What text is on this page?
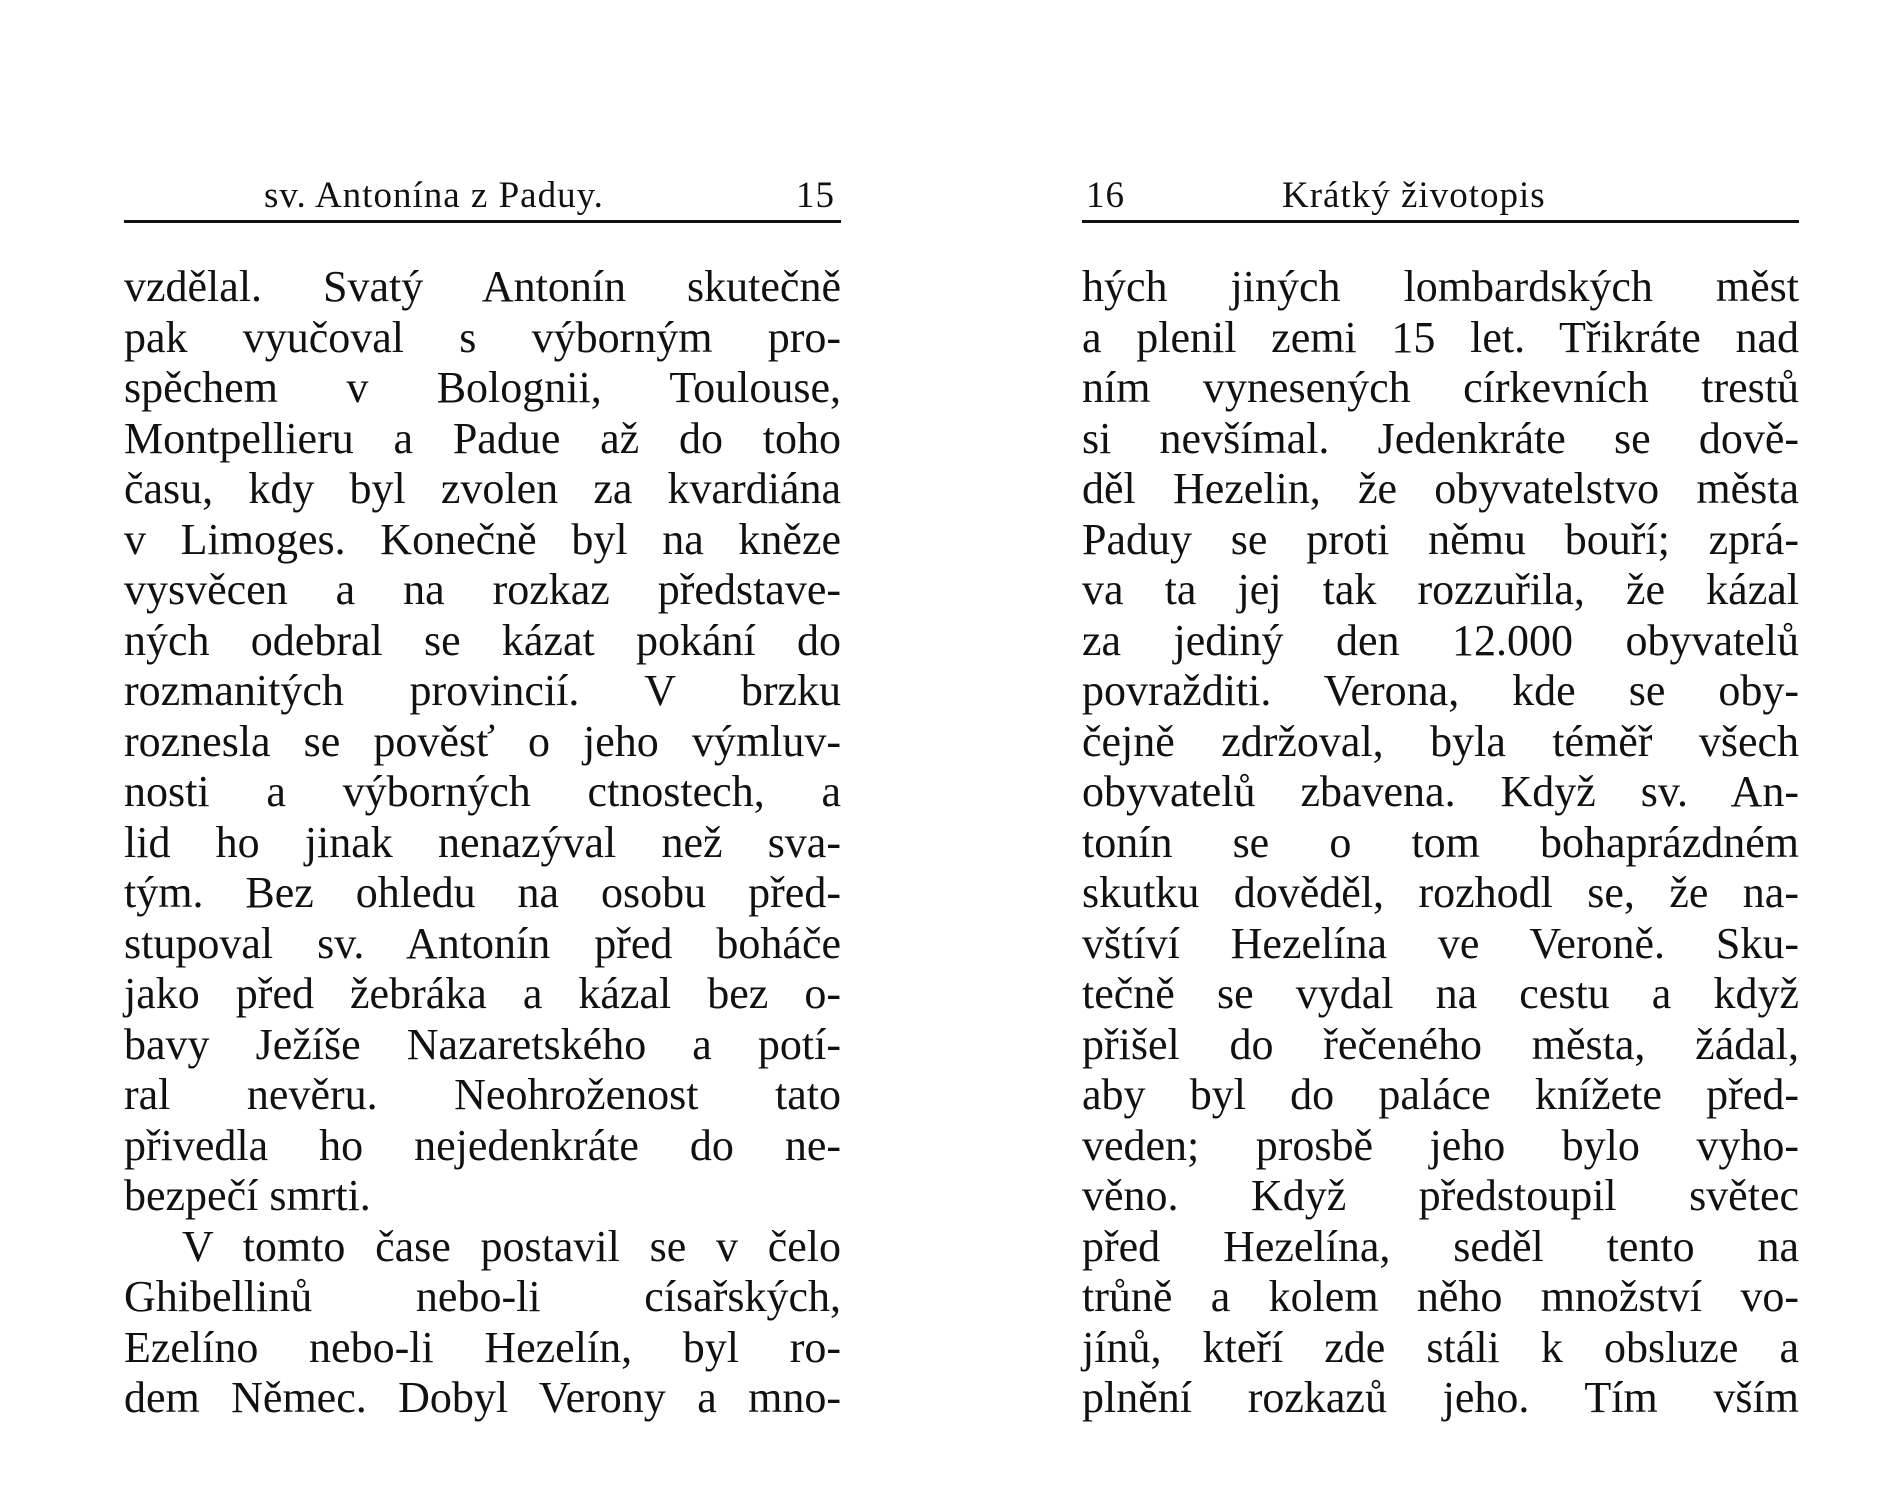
sv. Antonína z Paduy.	15
vzdělal. Svatý Antonín skutečně
pak vyučoval s výborným pro-
spěchem v Bolognii, Toulouse,
Montpellieru a Padue až do toho
času, kdy byl zvolen za kvardiána
v Limoges. Konečně byl na kněze
vysvěcen a na rozkaz představe-
ných odebral se kázat pokání do
rozmanitých provincií. V brzku
roznesla se pověsť o jeho výmluv-
nosti a výborných ctnostech, a
lid ho jinak nenazýval než sva-
tým. Bez ohledu na osobu před-
stupoval sv. Antonín před boháče
jako před žebráka a kázal bez o-
bavy Ježíše Nazaretského a potí-
ral nevěru. Neohroženost tato
přivedla ho nejedenkráte do ne-
bezpečí smrti.
V tomto čase postavil se v čelo
Ghibellinů nebo-li císařských,
Ezelíno nebo-li Hezelín, byl ro-
dem Němec. Dobyl Verony a mno-
16	Krátký životopis
hých jiných lombardských měst
a plenil zemi 15 let. Třikráte nad
ním vynesených církevních trestů
si nevšímal. Jedenkráte se dově-
děl Hezelin, že obyvatelstvo města
Paduy se proti němu bouří; zprá-
va ta jej tak rozzuřila, že kázal
za jediný den 12.000 obyvatelů
povražditi. Verona, kde se oby-
čejně zdržoval, byla téměř všech
obyvatelů zbavena. Když sv. An-
tonín se o tom bohaprázdném
skutku dověděl, rozhodl se, že na-
vštíví Hezelína ve Veroně. Sku-
tečně se vydal na cestu a když
přišel do řečeného města, žádal,
aby byl do paláce knížete před-
veden; prosbě jeho bylo vyho-
věno. Když předstoupil světec
před Hezelína, seděl tento na
trůně a kolem něho množství vo-
jínů, kteří zde stáli k obsluze a
plnění rozkazů jeho. Tím vším
